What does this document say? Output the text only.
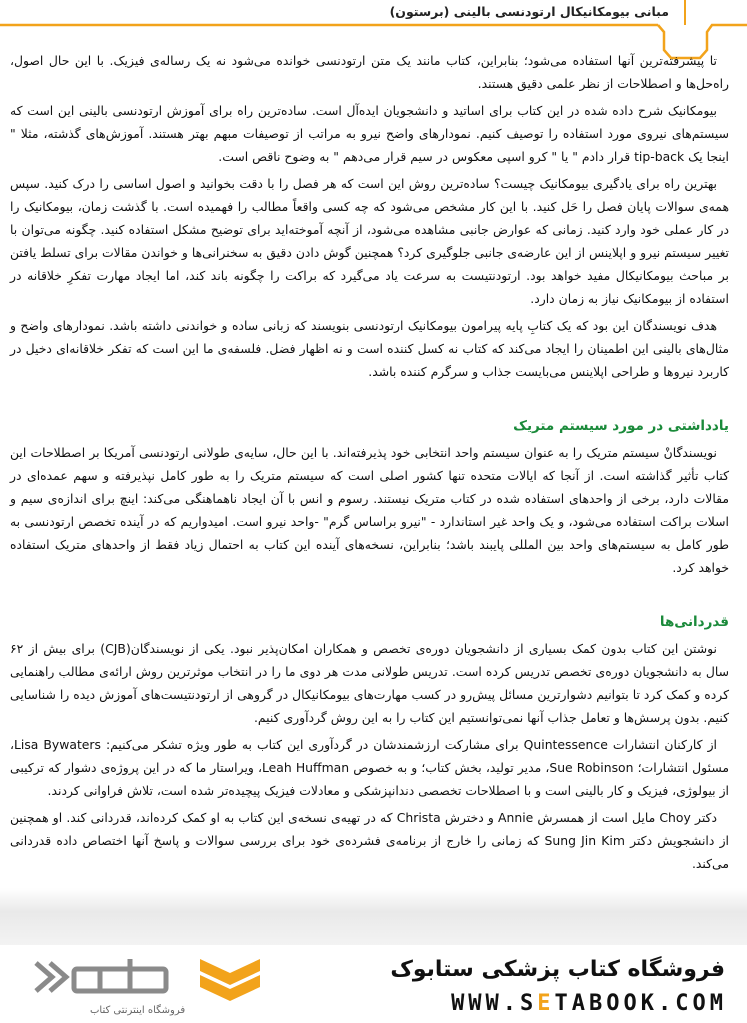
مبانی بیومکانیکال ارتودنسی بالینی (برستون)

تا پیشرفته‌ترین آنها استفاده می‌شود؛ بنابراین، کتاب مانند یک متن ارتودنسی خوانده می‌شود نه یک رساله‌ی فیزیک. با این حال اصول، راه‌حل‌ها و اصطلاحات از نظر علمی دقیق هستند.

بیومکانیک شرح داده شده در این کتاب برای اساتید و دانشجویان ایده‌آل است. ساده‌ترین راه برای آموزش ارتودنسی بالینی این است که سیستم‌های نیروی مورد استفاده را توصیف کنیم. نمودارهای واضح نیرو به مراتب از توصیفات مبهم بهتر هستند. آموزش‌های گذشته، مثلا " اینجا یک tip-back قرار دادم " یا " کرو اسپی معکوس در سیم قرار می‌دهم " به وضوح ناقص است.

بهترین راه برای یادگیری بیومکانیک چیست؟ ساده‌ترین روش این است که هر فصل را با دقت بخوانید و اصول اساسی را درک کنید. سپس همه‌ی سوالات پایان فصل را حَل کنید. با این کار مشخص می‌شود که چه کسی واقعاً مطالب را فهمیده است. با گذشت زمان، بیومکانیک را در کار عملی خود وارد کنید. زمانی که عوارض جانبی مشاهده می‌شود، از آنچه آموخته‌اید برای توضیح مشکل استفاده کنید. چگونه می‌توان با تغییر سیستم نیرو و اپلاینس از این عارضه‌ی جانبی جلوگیری کرد؟ همچنین گوش دادن دقیق به سخنرانی‌ها و خواندن مقالات برای تسلط یافتن بر مباحث بیومکانیکال مفید خواهد بود. ارتودنتیست به سرعت یاد می‌گیرد که براکت را چگونه باند کند، اما ایجاد مهارت تفکرِ خلاقانه در استفاده از بیومکانیک نیاز به زمان دارد.

هدف نویسندگان این بود که یک کتابِ پایه پیرامون بیومکانیک ارتودنسی بنویسند که زبانی ساده و خواندنی داشته باشد. نمودارهای واضح و مثال‌های بالینی این اطمینان را ایجاد می‌کند که کتاب نه کسل کننده است و نه اظهار فضل. فلسفه‌ی ما این است که تفکر خلاقانه‌ای دخیل در کاربرد نیروها و طراحی اپلاینس می‌بایست جذاب و سرگرم کننده باشد.

یادداشتی در مورد سیستم متریک

نویسندگانْ سیستم متریک را به عنوان سیستم واحد انتخابی خود پذیرفته‌اند. با این حال، سایه‌ی طولانی ارتودنسی آمریکا بر اصطلاحات این کتاب تأثیر گذاشته است. از آنجا که ایالات متحده تنها کشور اصلی است که سیستم متریک را به طور کامل نپذیرفته و سهم عمده‌ای در مقالات دارد، برخی از واحدهای استفاده شده در کتاب متریک نیستند. رسوم و انس با آن ایجاد ناهماهنگی می‌کند: اینچ برای اندازه‌ی سیم و اسلات براکت استفاده می‌شود، و یک واحد غیر استاندارد - "نیرو براساس گرم" -واحد نیرو است. امیدواریم که در آینده تخصص ارتودنسی به طور کامل به سیستم‌های واحد بین المللی پایبند باشد؛ بنابراین، نسخه‌های آینده این کتاب به احتمال زیاد فقط از واحدهای متریک استفاده خواهد کرد.

قدردانی‌ها

نوشتن این کتاب بدون کمک بسیاری از دانشجویان دوره‌ی تخصص و همکاران امکان‌پذیر نبود. یکی از نویسندگان(CJB) برای بیش از ۶۲ سال به دانشجویان دوره‌ی تخصص تدریس کرده است. تدریس طولانی مدت هر دوی ما را در انتخاب موثرترین روش ارائه‌ی مطالب راهنمایی کرده و کمک کرد تا بتوانیم دشوارترین مسائل پیش‌رو در کسب مهارت‌های بیومکانیکال در گروهی از ارتودنتیست‌های آموزش دیده را شناسایی کنیم. بدون پرسش‌ها و تعامل جذاب آنها نمی‌توانستیم این کتاب را به این روش گردآوری کنیم.

از کارکنان انتشارات Quintessence برای مشارکت ارزشمندشان در گردآوری این کتاب به طور ویژه تشکر می‌کنیم: Lisa Bywaters، مسئول انتشارات؛ Sue Robinson، مدیر تولید، بخش کتاب؛ و به خصوص Leah Huffman، ویراستار ما که در این پروژه‌ی دشوار که ترکیبی از بیولوژی، فیزیک و کار بالینی است و با اصطلاحات تخصصی دندانپزشکی و معادلات فیزیک پیچیده‌تر شده است، تلاش فراوانی کردند.

دکتر Choy مایل است از همسرش Annie و دخترش Christa که در تهیه‌ی نسخه‌ی این کتاب به او کمک کرده‌اند، قدردانی کند. او همچنین از دانشجویش دکتر Sung Jin Kim که زمانی را خارج از برنامه‌ی فشرده‌ی خود برای بررسی سوالات و پاسخ آنها اختصاص داده قدردانی می‌کند.

فروشگاه اینترنتی کتاب
فروشگاه کتاب پزشکی ستابوک
WWW.SETABOOK.COM
